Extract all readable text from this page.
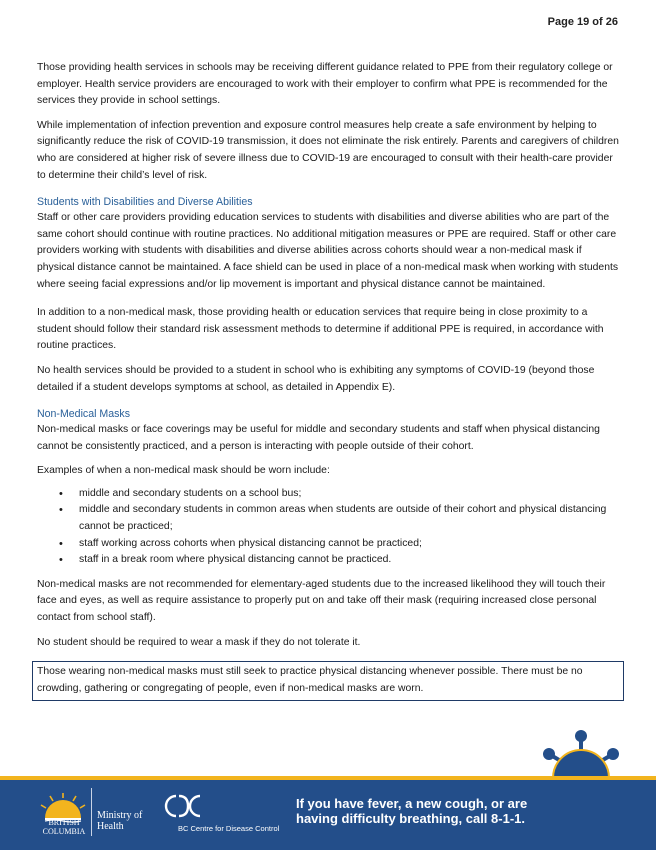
Page 19 of 26

Those providing health services in schools may be receiving different guidance related to PPE from their regulatory college or employer. Health service providers are encouraged to work with their employer to confirm what PPE is recommended for the services they provide in school settings.

While implementation of infection prevention and exposure control measures help create a safe environment by helping to significantly reduce the risk of COVID-19 transmission, it does not eliminate the risk entirely. Parents and caregivers of children who are considered at higher risk of severe illness due to COVID-19 are encouraged to consult with their health-care provider to determine their child’s level of risk.

Students with Disabilities and Diverse Abilities

Staff or other care providers providing education services to students with disabilities and diverse abilities who are part of the same cohort should continue with routine practices. No additional mitigation measures or PPE are required. Staff or other care providers working with students with disabilities and diverse abilities across cohorts should wear a non-medical mask if physical distance cannot be maintained. A face shield can be used in place of a non-medical mask when working with students where seeing facial expressions and/or lip movement is important and physical distance cannot be maintained.

In addition to a non-medical mask, those providing health or education services that require being in close proximity to a student should follow their standard risk assessment methods to determine if additional PPE is required, in accordance with routine practices.

No health services should be provided to a student in school who is exhibiting any symptoms of COVID-19 (beyond those detailed if a student develops symptoms at school, as detailed in Appendix E).

Non-Medical Masks

Non-medical masks or face coverings may be useful for middle and secondary students and staff when physical distancing cannot be consistently practiced, and a person is interacting with people outside of their cohort.

Examples of when a non-medical mask should be worn include:

• middle and secondary students on a school bus;
• middle and secondary students in common areas when students are outside of their cohort and physical distancing cannot be practiced;
• staff working across cohorts when physical distancing cannot be practiced;
• staff in a break room where physical distancing cannot be practiced.

Non-medical masks are not recommended for elementary-aged students due to the increased likelihood they will touch their face and eyes, as well as require assistance to properly put on and take off their mask (requiring increased close personal contact from school staff).

No student should be required to wear a mask if they do not tolerate it.

Those wearing non-medical masks must still seek to practice physical distancing whenever possible. There must be no crowding, gathering or congregating of people, even if non-medical masks are worn.
BRITISH
COLUMBIA
Ministry of
Health	BC Centre for Disease Control
If you have fever, a new cough, or are
having difficulty breathing, call 8-1-1.
